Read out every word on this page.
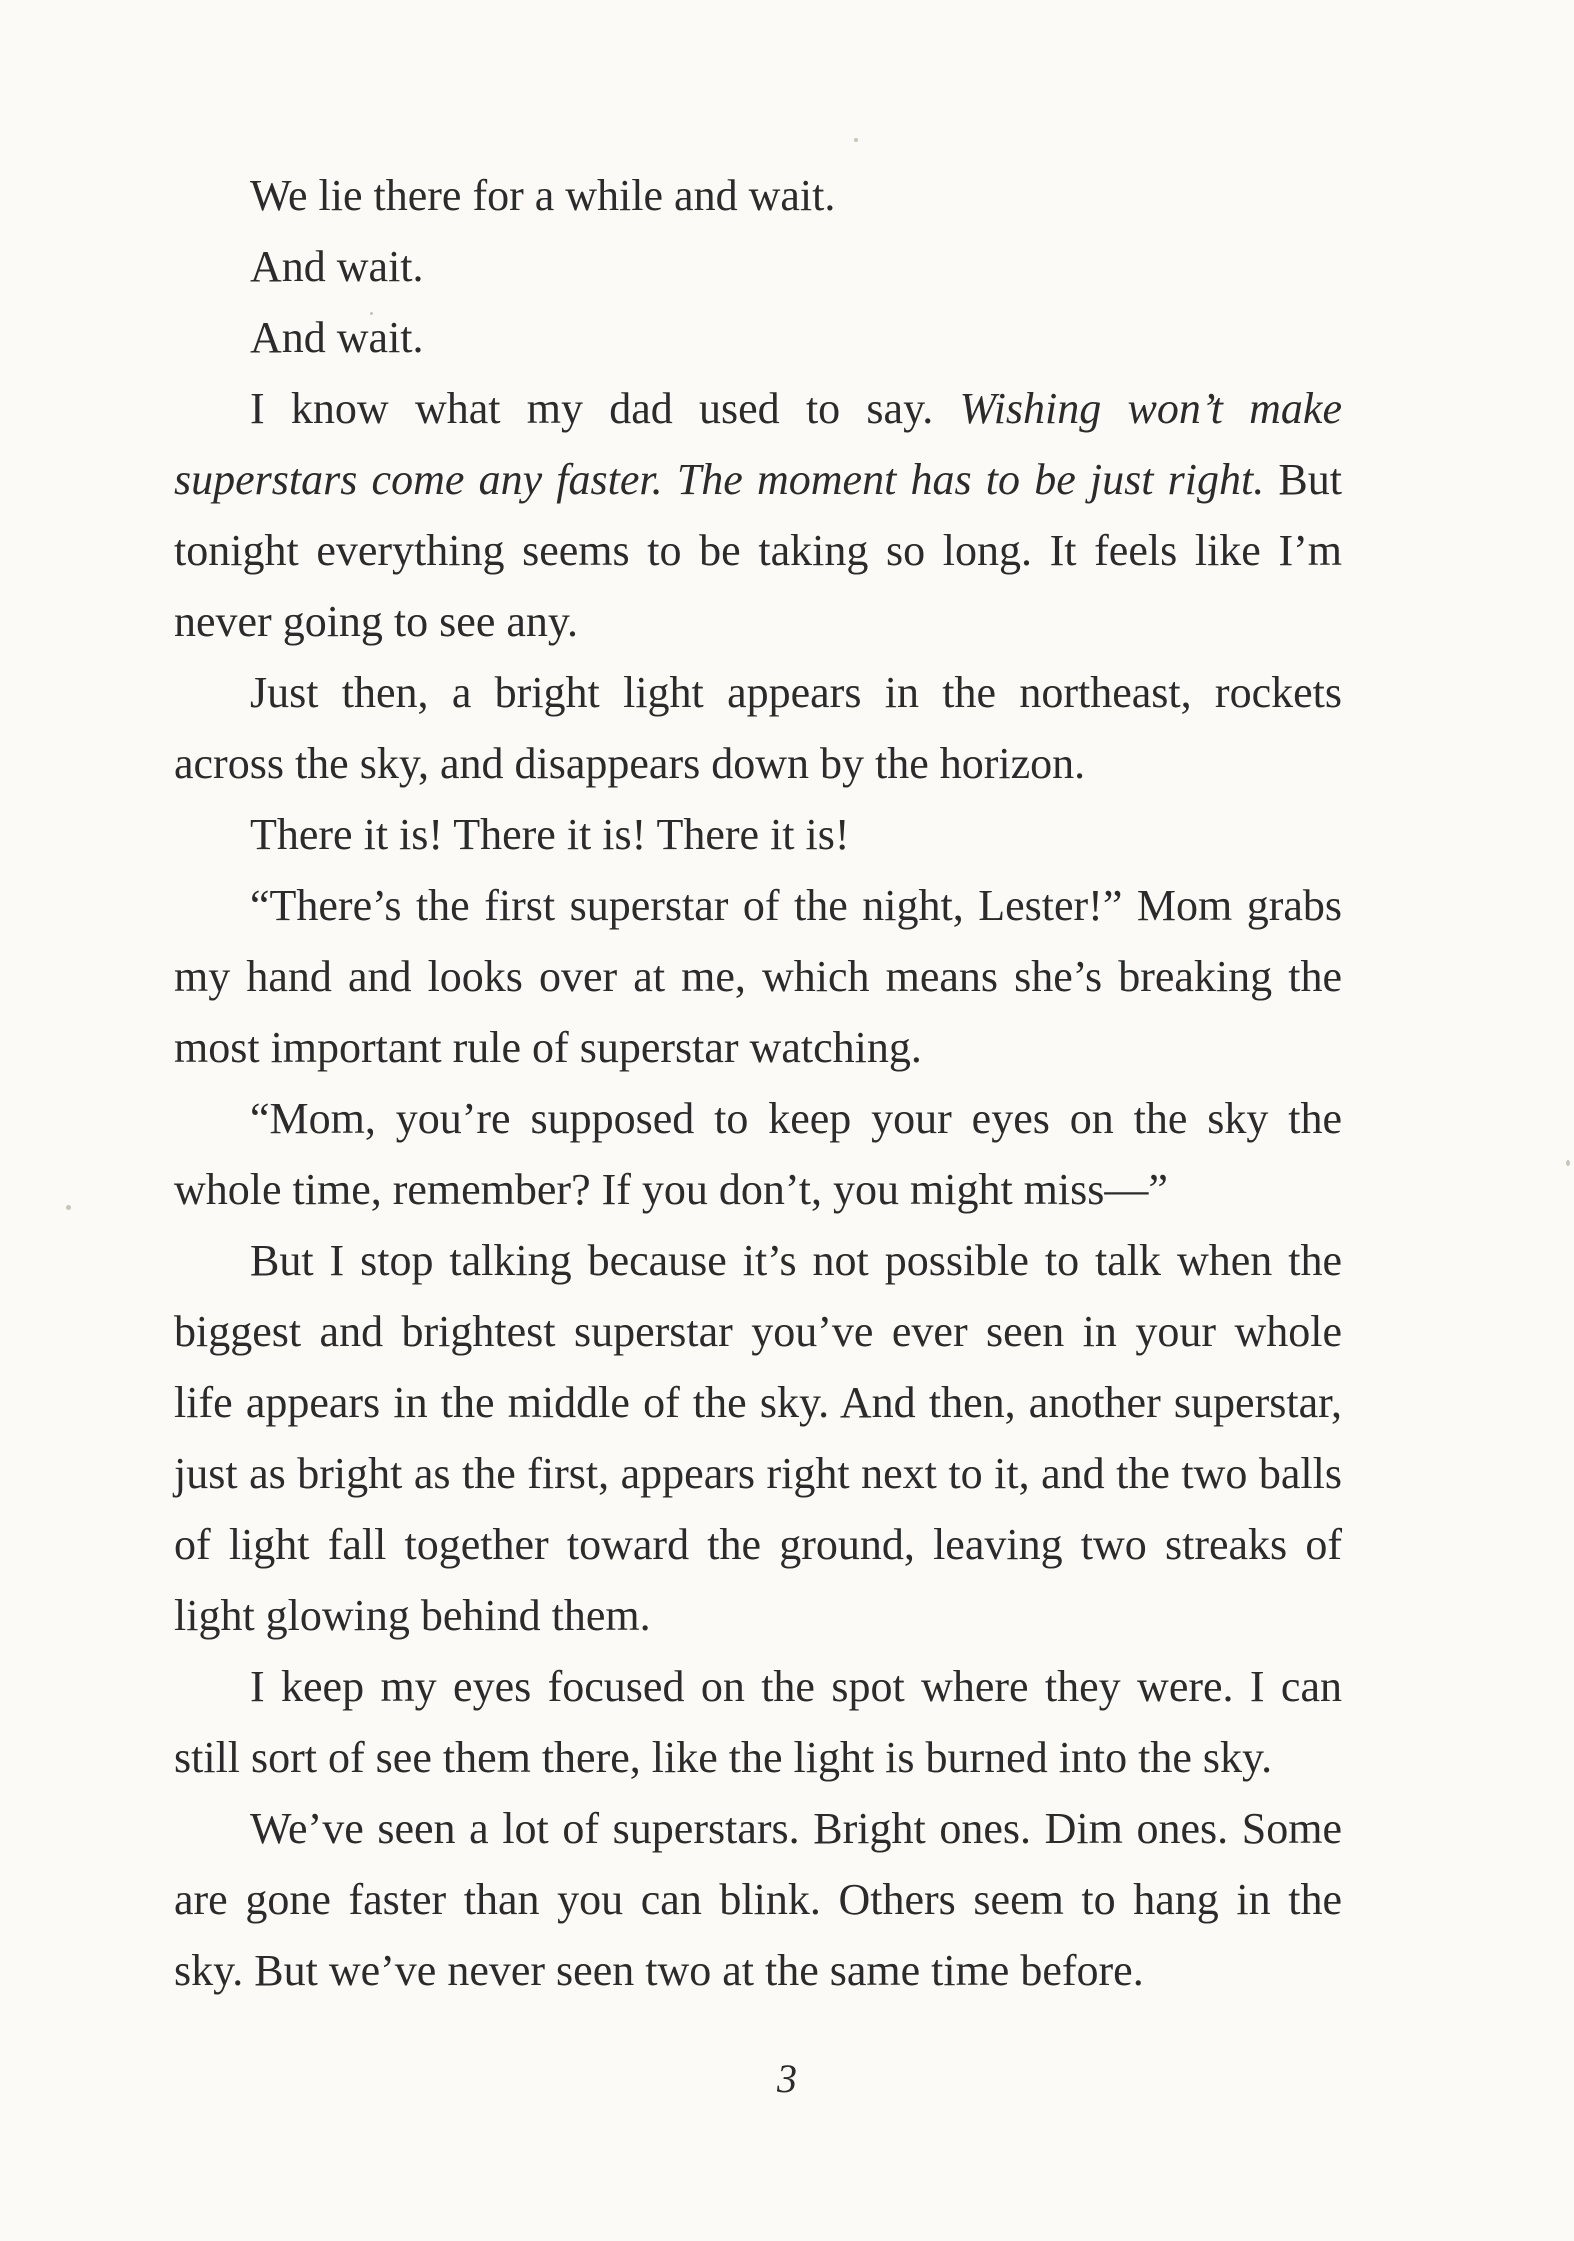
We lie there for a while and wait.

And wait.

And wait.

I know what my dad used to say. Wishing won’t make superstars come any faster. The moment has to be just right. But tonight everything seems to be taking so long. It feels like I’m never going to see any.

Just then, a bright light appears in the northeast, rockets across the sky, and disappears down by the horizon.

There it is! There it is! There it is!

“There’s the first superstar of the night, Lester!” Mom grabs my hand and looks over at me, which means she’s breaking the most important rule of superstar watching.

“Mom, you’re supposed to keep your eyes on the sky the whole time, remember? If you don’t, you might miss—”

But I stop talking because it’s not possible to talk when the biggest and brightest superstar you’ve ever seen in your whole life appears in the middle of the sky. And then, another superstar, just as bright as the first, appears right next to it, and the two balls of light fall together toward the ground, leaving two streaks of light glowing behind them.

I keep my eyes focused on the spot where they were. I can still sort of see them there, like the light is burned into the sky.

We’ve seen a lot of superstars. Bright ones. Dim ones. Some are gone faster than you can blink. Others seem to hang in the sky. But we’ve never seen two at the same time before.

3
